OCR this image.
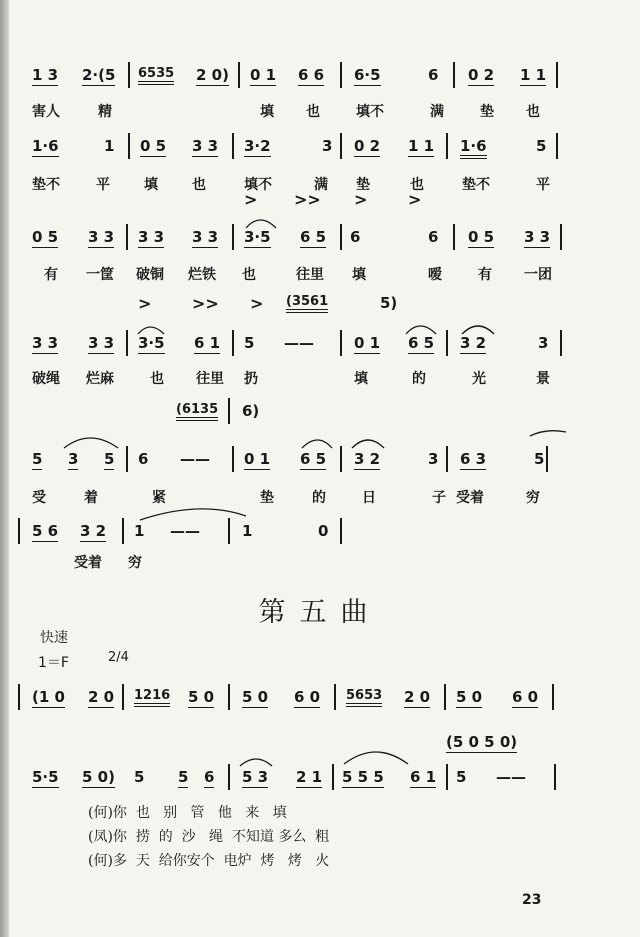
1 3 2·(5 6535 2 0) 0 1 6 6 6·5	6 0 2 1 1
害人	精	填 也	填不	满	垫 也
1·6	1 0 5 3 3 3·2	3 0 2 1 1 1·6	5
垫不	平 填 也	填不	满 垫	也	垫不	平
> >> >	>
0 5 3 3 3 3 3 3 3·5 6 5 6	6 0 5 3 3
有 一筐 破铜 烂铁 也	往里 填	嗳	有 一团
>	>> > (3561	5)
3 3 3 3 3·5 6 1 5 ——	0 1 6 5 3 2	3
破绳 烂麻	也 往里 扔	填	的	光	景
(6135 6)
5 3 5 6 —— 0 1 6 5 3 2	3 6 3	5
受	着	紧	垫	的	日	子 受着	穷
5 6 3 2 1 ——	1	0
受着 穷
第五曲
快速
1＝F	2/4
(1 0 2 0 1216 5 0 5 0 6 0 5653 2 0 5 0 6 0
(5 0 5 0)
5·5 5 0) 5 5 6 5 3 2 1 5 5 5 6 1 5 ——
(何)你  也   别   管   他   来   填
(凤)你  捞  的  沙   绳  不知道 多么  粗
(何)多  天  给你安个  电炉  烤   烤   火
23
